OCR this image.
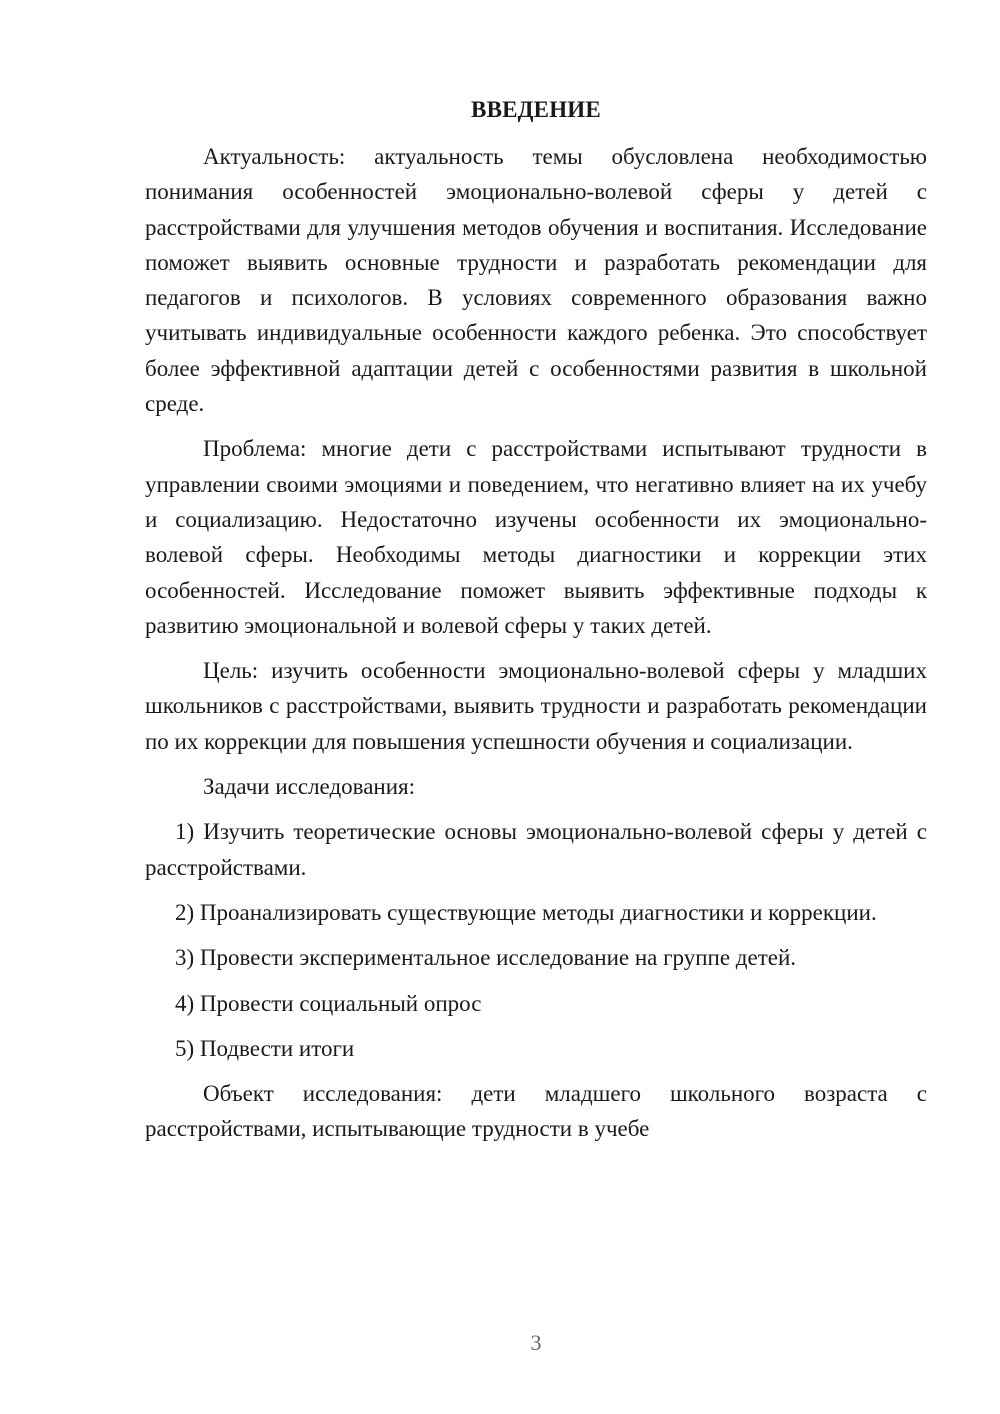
ВВЕДЕНИЕ

Актуальность: актуальность темы обусловлена необходимостью понимания особенностей эмоционально-волевой сферы у детей с расстройствами для улучшения методов обучения и воспитания. Исследование поможет выявить основные трудности и разработать рекомендации для педагогов и психологов. В условиях современного образования важно учитывать индивидуальные особенности каждого ребенка. Это способствует более эффективной адаптации детей с особенностями развития в школьной среде.

Проблема: многие дети с расстройствами испытывают трудности в управлении своими эмоциями и поведением, что негативно влияет на их учебу и социализацию. Недостаточно изучены особенности их эмоционально-волевой сферы. Необходимы методы диагностики и коррекции этих особенностей. Исследование поможет выявить эффективные подходы к развитию эмоциональной и волевой сферы у таких детей.

Цель: изучить особенности эмоционально-волевой сферы у младших школьников с расстройствами, выявить трудности и разработать рекомендации по их коррекции для повышения успешности обучения и социализации.

Задачи исследования:

1) Изучить теоретические основы эмоционально-волевой сферы у детей с расстройствами.

2) Проанализировать существующие методы диагностики и коррекции.

3) Провести экспериментальное исследование на группе детей.

4) Провести социальный опрос

5) Подвести итоги

Объект исследования: дети младшего школьного возраста с расстройствами, испытывающие трудности в учебе

3
